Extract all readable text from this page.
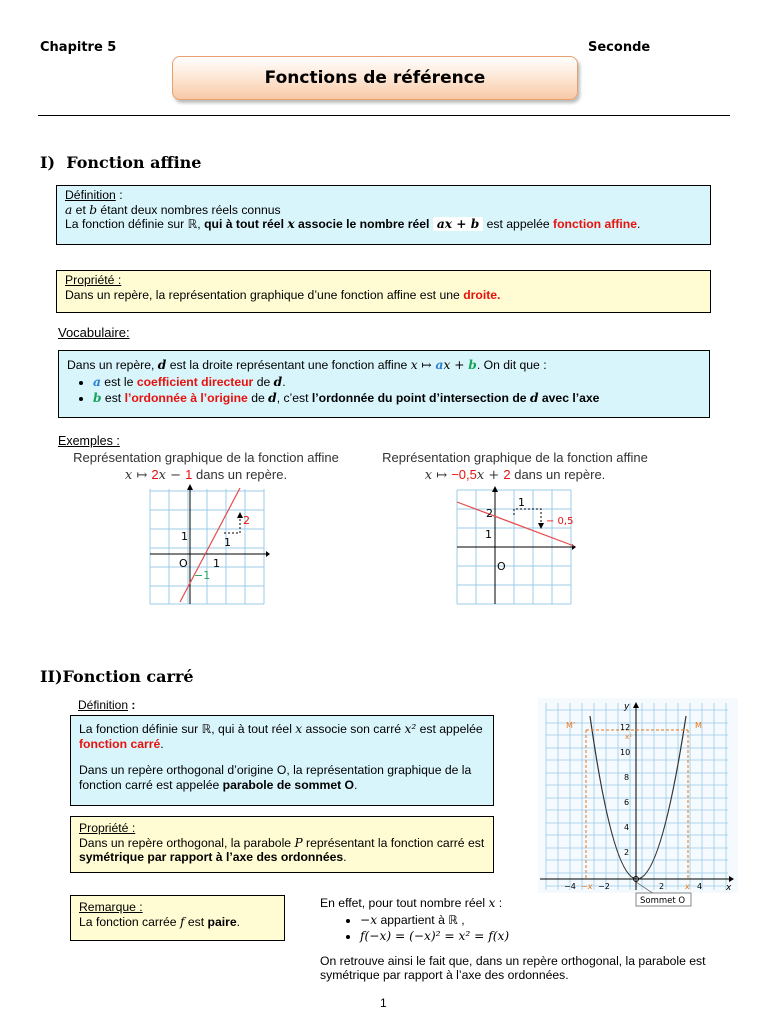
Chapitre 5	Seconde
Fonctions de référence
I) Fonction affine
Définition :
a et b étant deux nombres réels connus
La fonction définie sur ℝ, qui à tout réel x associe le nombre réel ax + b est appelée fonction affine.
Propriété :
Dans un repère, la représentation graphique d’une fonction affine est une droite.
Vocabulaire:
Dans un repère, d est la droite représentant une fonction affine x ↦ ax + b. On dit que :
• a est le coefficient directeur de d.
• b est l’ordonnée à l’origine de d, c’est l’ordonnée du point d’intersection de d avec l’axe
Exemples :
Représentation graphique de la fonction affine
x ↦ 2x − 1 dans un repère.
1
1
O
−1
2
1
Représentation graphique de la fonction affine
x ↦ −0,5x + 2 dans un repère.
2
1
O
1
− 0,5
II)Fonction carré
Définition :
La fonction définie sur ℝ, qui à tout réel x associe son carré x² est appelée fonction carré.
Dans un repère orthogonal d’origine O, la représentation graphique de la fonction carré est appelée parabole de sommet O.
Propriété :
Dans un repère orthogonal, la parabole P représentant la fonction carré est symétrique par rapport à l’axe des ordonnées.
Remarque :
La fonction carrée f est paire.
En effet, pour tout nombre réel x :
• −x appartient à ℝ ,
• f(−x) = (−x)² = x² = f(x)
On retrouve ainsi le fait que, dans un repère orthogonal, la parabole est symétrique par rapport à l’axe des ordonnées.
y
x
M’	M
12
x²
10
8
6
4
2
−4 −x −2	2	x 4
Sommet O
1
